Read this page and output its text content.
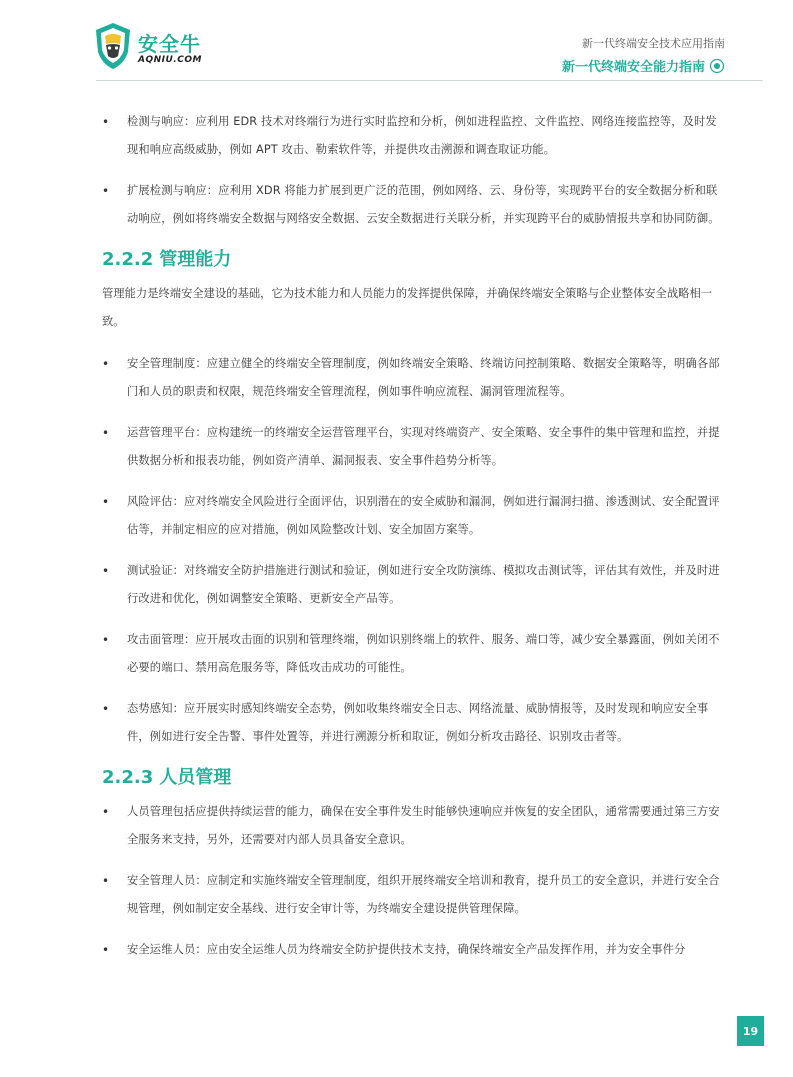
安全牛
AQNIU.COM
新一代终端安全技术应用指南
新一代终端安全能力指南
• 检测与响应：应利用 EDR 技术对终端行为进行实时监控和分析，例如进程监控、文件监控、网络连接监控等，及时发现和响应高级威胁，例如 APT 攻击、勒索软件等，并提供攻击溯源和调查取证功能。
• 扩展检测与响应：应利用 XDR 将能力扩展到更广泛的范围，例如网络、云、身份等，实现跨平台的安全数据分析和联动响应，例如将终端安全数据与网络安全数据、云安全数据进行关联分析，并实现跨平台的威胁情报共享和协同防御。
2.2.2 管理能力
管理能力是终端安全建设的基础，它为技术能力和人员能力的发挥提供保障，并确保终端安全策略与企业整体安全战略相一致。
• 安全管理制度：应建立健全的终端安全管理制度，例如终端安全策略、终端访问控制策略、数据安全策略等，明确各部门和人员的职责和权限，规范终端安全管理流程，例如事件响应流程、漏洞管理流程等。
• 运营管理平台：应构建统一的终端安全运营管理平台，实现对终端资产、安全策略、安全事件的集中管理和监控，并提供数据分析和报表功能，例如资产清单、漏洞报表、安全事件趋势分析等。
• 风险评估：应对终端安全风险进行全面评估，识别潜在的安全威胁和漏洞，例如进行漏洞扫描、渗透测试、安全配置评估等，并制定相应的应对措施，例如风险整改计划、安全加固方案等。
• 测试验证：对终端安全防护措施进行测试和验证，例如进行安全攻防演练、模拟攻击测试等，评估其有效性，并及时进行改进和优化，例如调整安全策略、更新安全产品等。
• 攻击面管理：应开展攻击面的识别和管理终端，例如识别终端上的软件、服务、端口等，减少安全暴露面，例如关闭不必要的端口、禁用高危服务等，降低攻击成功的可能性。
• 态势感知：应开展实时感知终端安全态势，例如收集终端安全日志、网络流量、威胁情报等，及时发现和响应安全事件，例如进行安全告警、事件处置等，并进行溯源分析和取证，例如分析攻击路径、识别攻击者等。
2.2.3 人员管理
• 人员管理包括应提供持续运营的能力，确保在安全事件发生时能够快速响应并恢复的安全团队，通常需要通过第三方安全服务来支持，另外，还需要对内部人员具备安全意识。
• 安全管理人员：应制定和实施终端安全管理制度，组织开展终端安全培训和教育，提升员工的安全意识，并进行安全合规管理，例如制定安全基线、进行安全审计等，为终端安全建设提供管理保障。
• 安全运维人员：应由安全运维人员为终端安全防护提供技术支持，确保终端安全产品发挥作用，并为安全事件分
19
